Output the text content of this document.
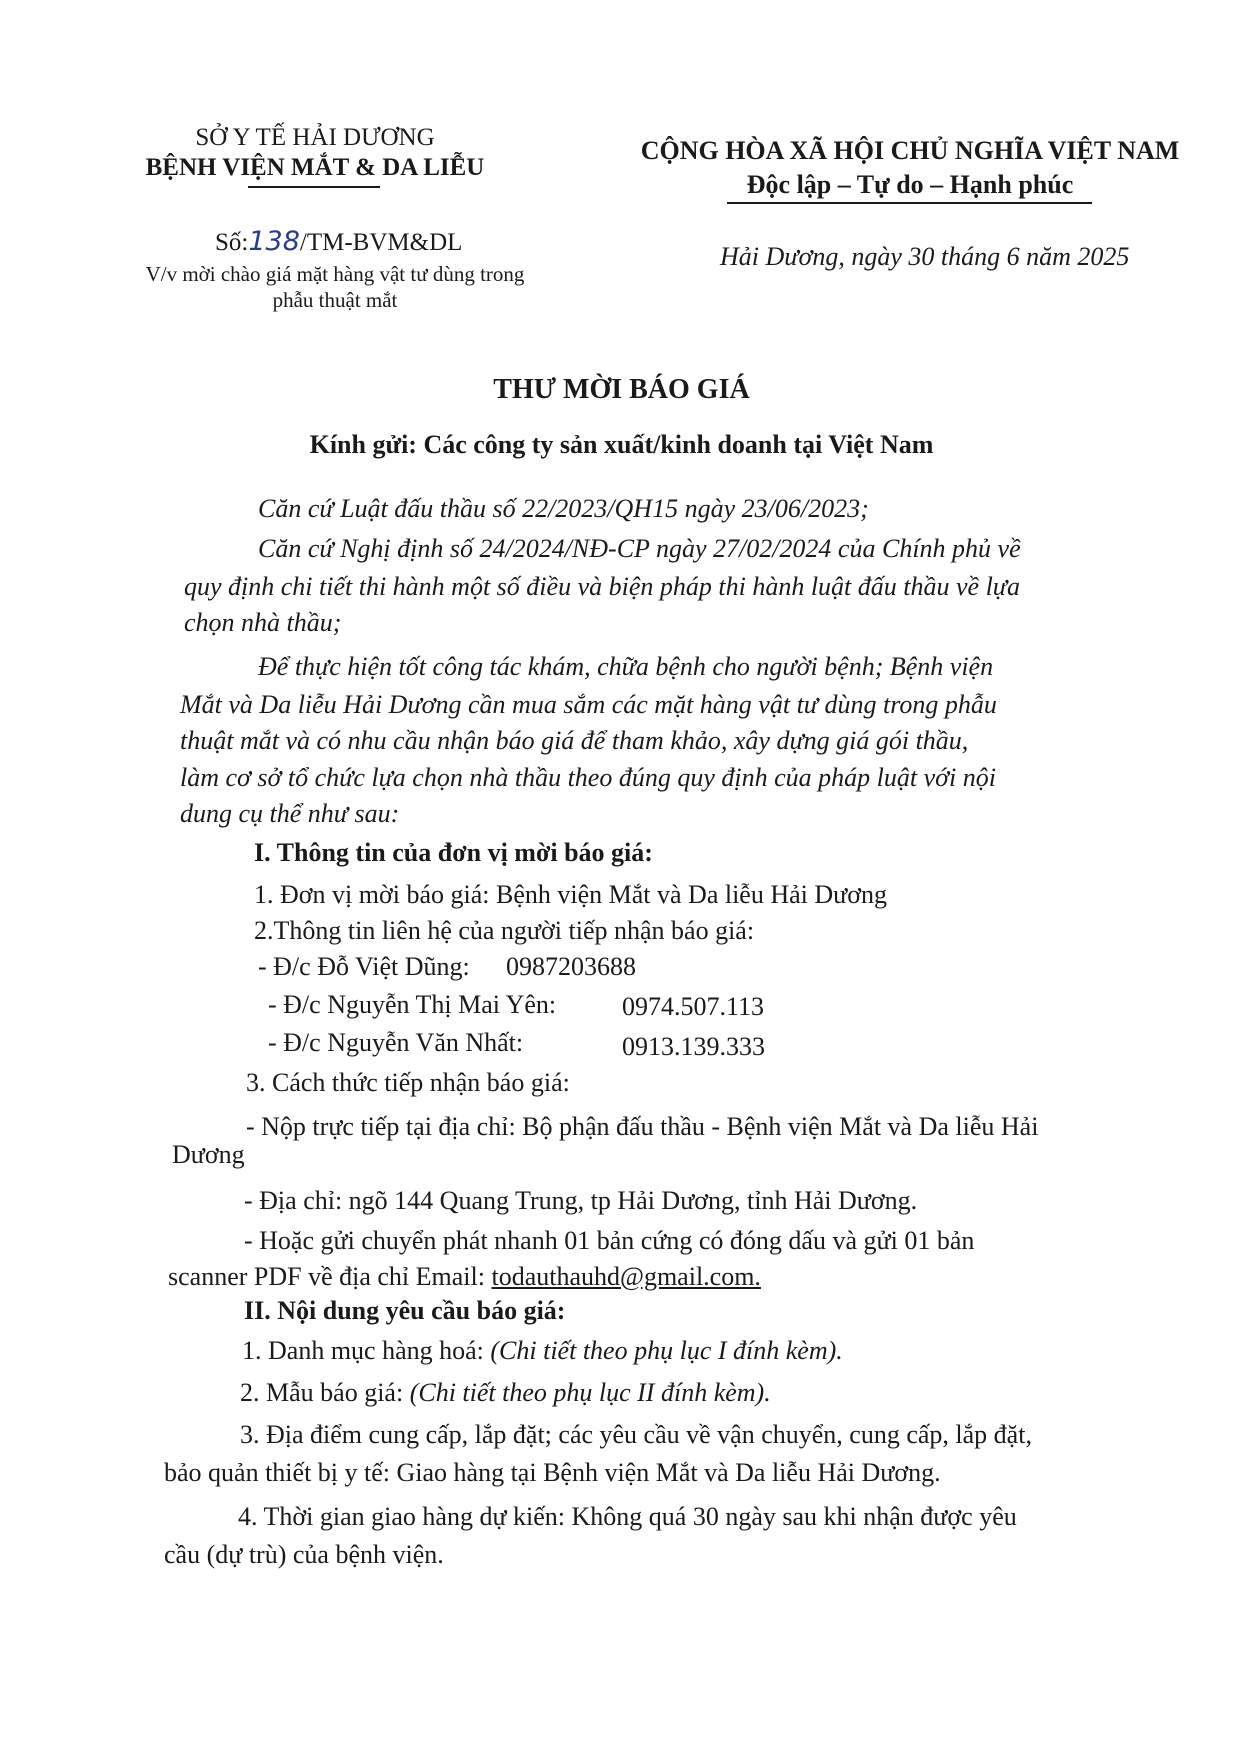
SỞ Y TẾ HẢI DƯƠNG
BỆNH VIỆN MẮT & DA LIỄU
Số:138/TM-BVM&DL
V/v mời chào giá mặt hàng vật tư dùng trong
phẫu thuật mắt
CỘNG HÒA XÃ HỘI CHỦ NGHĨA VIỆT NAM
Độc lập – Tự do – Hạnh phúc
Hải Dương, ngày 30 tháng 6 năm 2025
THƯ MỜI BÁO GIÁ
Kính gửi: Các công ty sản xuất/kinh doanh tại Việt Nam
Căn cứ Luật đấu thầu số 22/2023/QH15 ngày 23/06/2023;
Căn cứ Nghị định số 24/2024/NĐ-CP ngày 27/02/2024 của Chính phủ về
quy định chi tiết thi hành một số điều và biện pháp thi hành luật đấu thầu về lựa
chọn nhà thầu;
Để thực hiện tốt công tác khám, chữa bệnh cho người bệnh; Bệnh viện
Mắt và Da liễu Hải Dương cần mua sắm các mặt hàng vật tư dùng trong phẫu
thuật mắt và có nhu cầu nhận báo giá để tham khảo, xây dựng giá gói thầu,
làm cơ sở tổ chức lựa chọn nhà thầu theo đúng quy định của pháp luật với nội
dung cụ thể như sau:
I. Thông tin của đơn vị mời báo giá:
1. Đơn vị mời báo giá: Bệnh viện Mắt và Da liễu Hải Dương
2.Thông tin liên hệ của người tiếp nhận báo giá:
- Đ/c Đỗ Việt Dũng: 0987203688
- Đ/c Nguyễn Thị Mai Yên:	0974.507.113
- Đ/c Nguyễn Văn Nhất:	0913.139.333
3. Cách thức tiếp nhận báo giá:
- Nộp trực tiếp tại địa chỉ: Bộ phận đấu thầu - Bệnh viện Mắt và Da liễu Hải
Dương
- Địa chỉ: ngõ 144 Quang Trung, tp Hải Dương, tỉnh Hải Dương.
- Hoặc gửi chuyển phát nhanh 01 bản cứng có đóng dấu và gửi 01 bản
scanner PDF về địa chỉ Email: todauthauhd@gmail.com.
II. Nội dung yêu cầu báo giá:
1. Danh mục hàng hoá: (Chi tiết theo phụ lục I đính kèm).
2. Mẫu báo giá: (Chi tiết theo phụ lục II đính kèm).
3. Địa điểm cung cấp, lắp đặt; các yêu cầu về vận chuyển, cung cấp, lắp đặt,
bảo quản thiết bị y tế: Giao hàng tại Bệnh viện Mắt và Da liễu Hải Dương.
4. Thời gian giao hàng dự kiến: Không quá 30 ngày sau khi nhận được yêu
cầu (dự trù) của bệnh viện.
